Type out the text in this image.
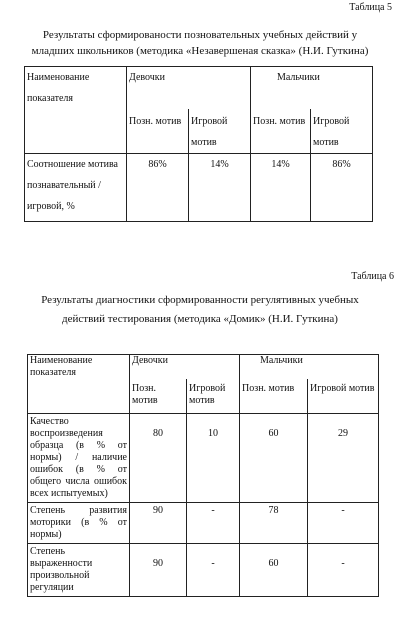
Таблица 5
Результаты сформированости позновательных учебных действий у
младших школьников (методика «Незавершеная сказка» (Н.И. Гуткина)
Наименование показателя	Девочки		Мальчики	
	Позн. мотив	Игровой мотив	Позн. мотив	Игровой мотив
Соотношение мотива познавательный / игровой, %	86%	14%	14%	86%
Таблица 6
Результаты диагностики сформированности регулятивных учебных
действий тестирования (методика «Домик» (Н.И. Гуткина)
Наименование показателя	Девочки		Мальчики	
	Позн. мотив	Игровой мотив	Позн. мотив	Игровой мотив
Качество воспроизведения образца (в % от нормы) / наличие ошибок (в % от общего числа ошибок всех испытуемых)	80	10	60	29
Степень развития моторики (в % от нормы)	90	-	78	-
Степень выраженности произвольной регуляции	90	-	60	-
